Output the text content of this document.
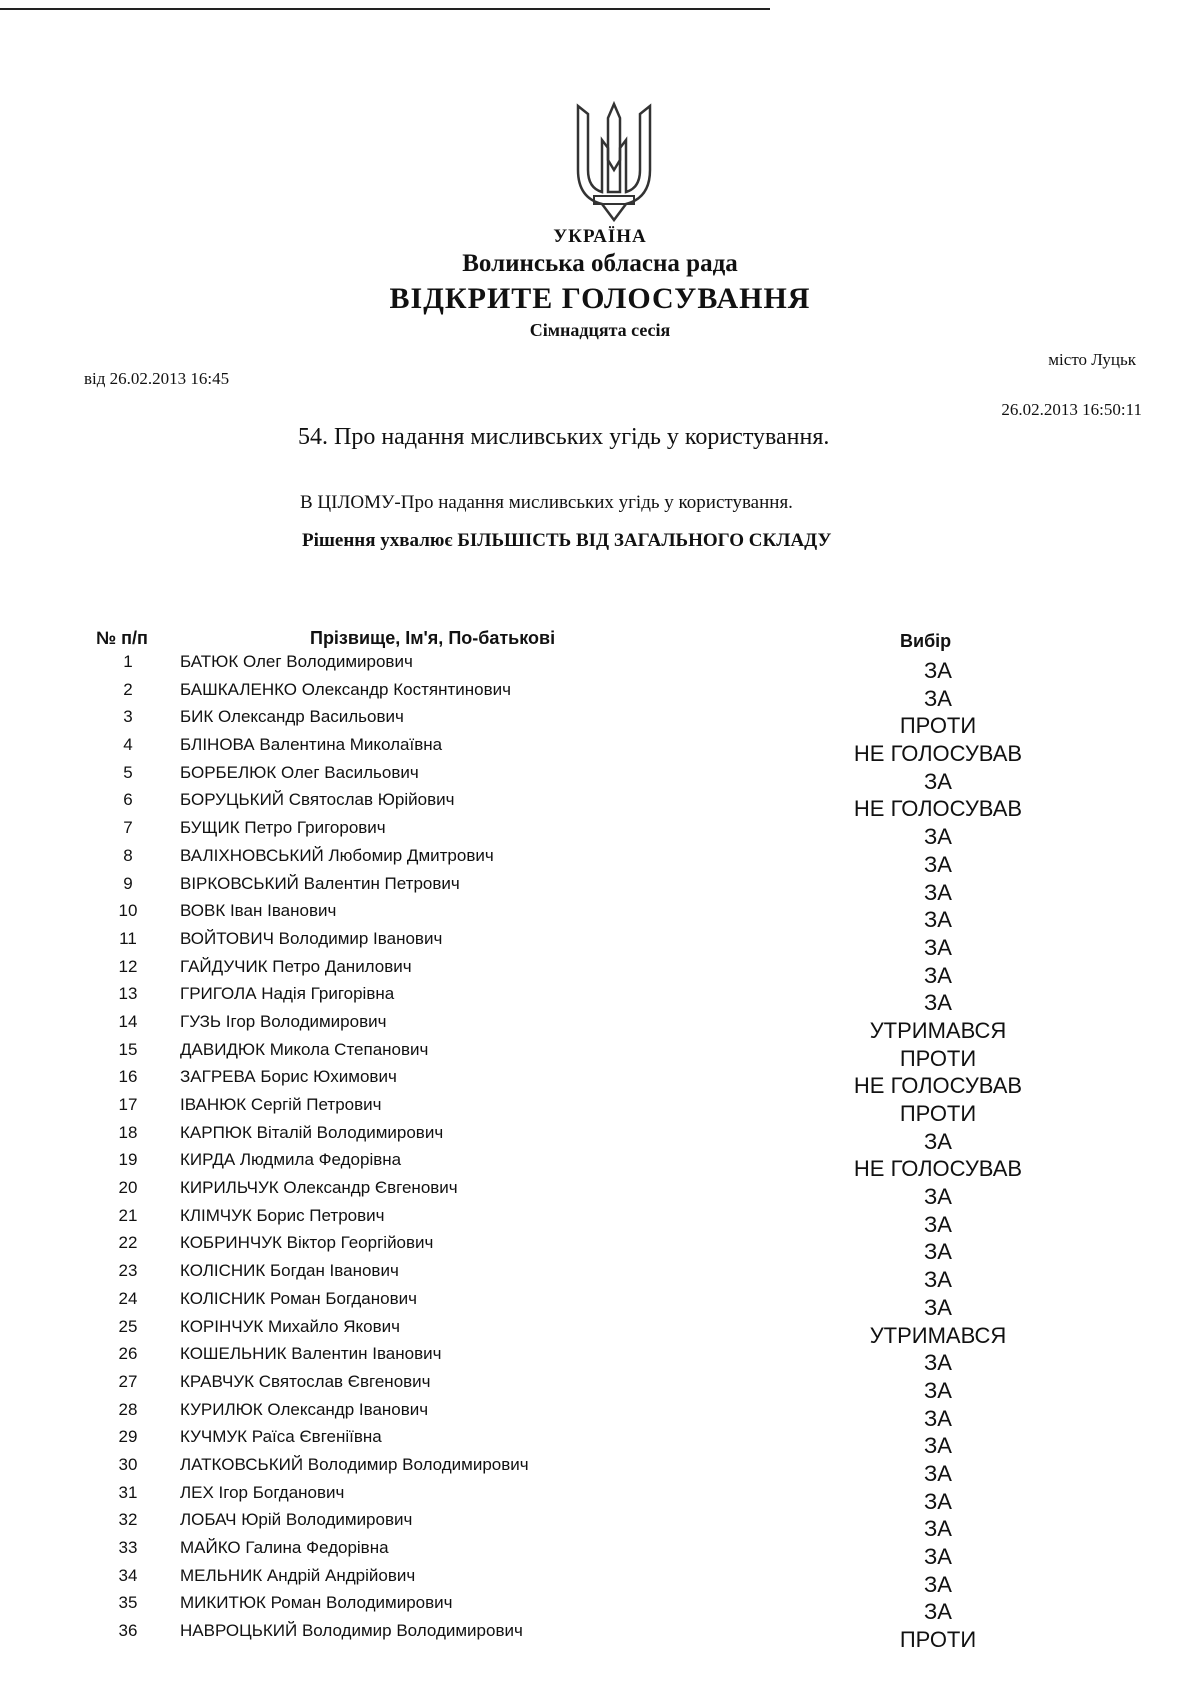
УКРАЇНА
Волинська обласна рада
ВІДКРИТЕ ГОЛОСУВАННЯ
Сімнадцята сесія
місто Луцьк
від 26.02.2013 16:45
26.02.2013 16:50:11
54. Про надання мисливських угідь у користування.
В ЦІЛОМУ-Про надання мисливських угідь у користування.
Рішення ухвалює БІЛЬШІСТЬ ВІД ЗАГАЛЬНОГО СКЛАДУ
№ п/п	Прізвище, Ім'я, По-батькові	Вибір
1	БАТЮК Олег Володимирович	ЗА
2	БАШКАЛЕНКО Олександр Костянтинович	ЗА
3	БИК Олександр Васильович	ПРОТИ
4	БЛІНОВА Валентина Миколаївна	НЕ ГОЛОСУВАВ
5	БОРБЕЛЮК Олег Васильович	ЗА
6	БОРУЦЬКИЙ Святослав Юрійович	НЕ ГОЛОСУВАВ
7	БУЩИК Петро Григорович	ЗА
8	ВАЛІХНОВСЬКИЙ Любомир Дмитрович	ЗА
9	ВІРКОВСЬКИЙ Валентин Петрович	ЗА
10	ВОВК Іван Іванович	ЗА
11	ВОЙТОВИЧ Володимир Іванович	ЗА
12	ГАЙДУЧИК Петро Данилович	ЗА
13	ГРИГОЛА Надія Григорівна	ЗА
14	ГУЗЬ Ігор Володимирович	УТРИМАВСЯ
15	ДАВИДЮК Микола Степанович	ПРОТИ
16	ЗАГРЕВА Борис Юхимович	НЕ ГОЛОСУВАВ
17	ІВАНЮК Сергій Петрович	ПРОТИ
18	КАРПЮК Віталій Володимирович	ЗА
19	КИРДА Людмила Федорівна	НЕ ГОЛОСУВАВ
20	КИРИЛЬЧУК Олександр Євгенович	ЗА
21	КЛІМЧУК Борис Петрович	ЗА
22	КОБРИНЧУК Віктор Георгійович	ЗА
23	КОЛІСНИК Богдан Іванович	ЗА
24	КОЛІСНИК Роман Богданович	ЗА
25	КОРІНЧУК Михайло Якович	УТРИМАВСЯ
26	КОШЕЛЬНИК Валентин Іванович	ЗА
27	КРАВЧУК Святослав Євгенович	ЗА
28	КУРИЛЮК Олександр Іванович	ЗА
29	КУЧМУК Раїса Євгеніївна	ЗА
30	ЛАТКОВСЬКИЙ Володимир Володимирович	ЗА
31	ЛЕХ Ігор Богданович	ЗА
32	ЛОБАЧ Юрій Володимирович	ЗА
33	МАЙКО Галина Федорівна	ЗА
34	МЕЛЬНИК Андрій Андрійович	ЗА
35	МИКИТЮК Роман Володимирович	ЗА
36	НАВРОЦЬКИЙ Володимир Володимирович	ПРОТИ
